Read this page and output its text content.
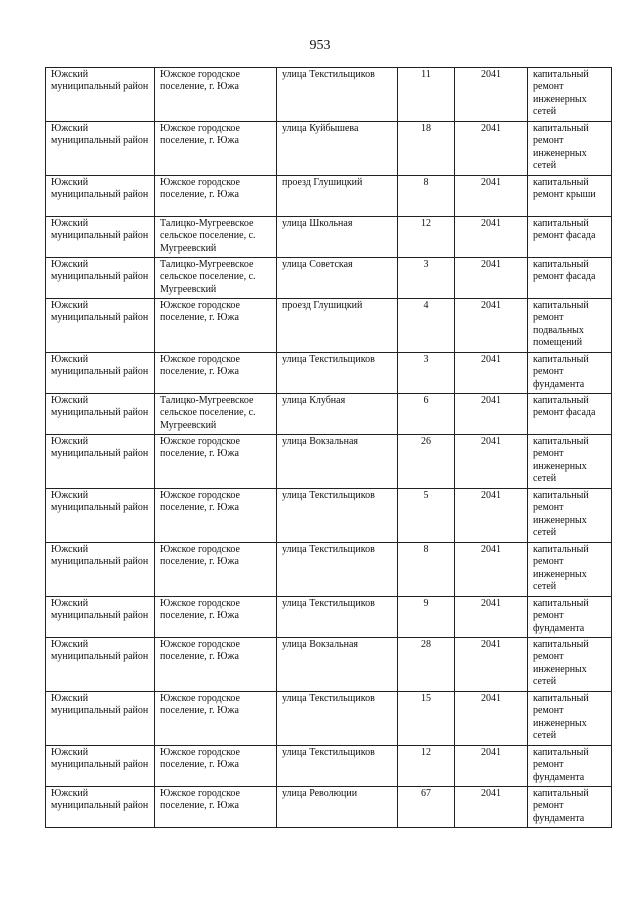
953
Южский муниципальный район	Южское городское поселение, г. Южа	улица Текстильщиков	11	2041	капитальный ремонт инженерных сетей
Южский муниципальный район	Южское городское поселение, г. Южа	улица Куйбышева	18	2041	капитальный ремонт инженерных сетей
Южский муниципальный район	Южское городское поселение, г. Южа	проезд Глушицкий	8	2041	капитальный ремонт крыши
Южский муниципальный район	Талицко-Мугреевское сельское поселение, с. Мугреевский	улица Школьная	12	2041	капитальный ремонт фасада
Южский муниципальный район	Талицко-Мугреевское сельское поселение, с. Мугреевский	улица Советская	3	2041	капитальный ремонт фасада
Южский муниципальный район	Южское городское поселение, г. Южа	проезд Глушицкий	4	2041	капитальный ремонт подвальных помещений
Южский муниципальный район	Южское городское поселение, г. Южа	улица Текстильщиков	3	2041	капитальный ремонт фундамента
Южский муниципальный район	Талицко-Мугреевское сельское поселение, с. Мугреевский	улица Клубная	6	2041	капитальный ремонт фасада
Южский муниципальный район	Южское городское поселение, г. Южа	улица Вокзальная	26	2041	капитальный ремонт инженерных сетей
Южский муниципальный район	Южское городское поселение, г. Южа	улица Текстильщиков	5	2041	капитальный ремонт инженерных сетей
Южский муниципальный район	Южское городское поселение, г. Южа	улица Текстильщиков	8	2041	капитальный ремонт инженерных сетей
Южский муниципальный район	Южское городское поселение, г. Южа	улица Текстильщиков	9	2041	капитальный ремонт фундамента
Южский муниципальный район	Южское городское поселение, г. Южа	улица Вокзальная	28	2041	капитальный ремонт инженерных сетей
Южский муниципальный район	Южское городское поселение, г. Южа	улица Текстильщиков	15	2041	капитальный ремонт инженерных сетей
Южский муниципальный район	Южское городское поселение, г. Южа	улица Текстильщиков	12	2041	капитальный ремонт фундамента
Южский муниципальный район	Южское городское поселение, г. Южа	улица Революции	67	2041	капитальный ремонт фундамента
